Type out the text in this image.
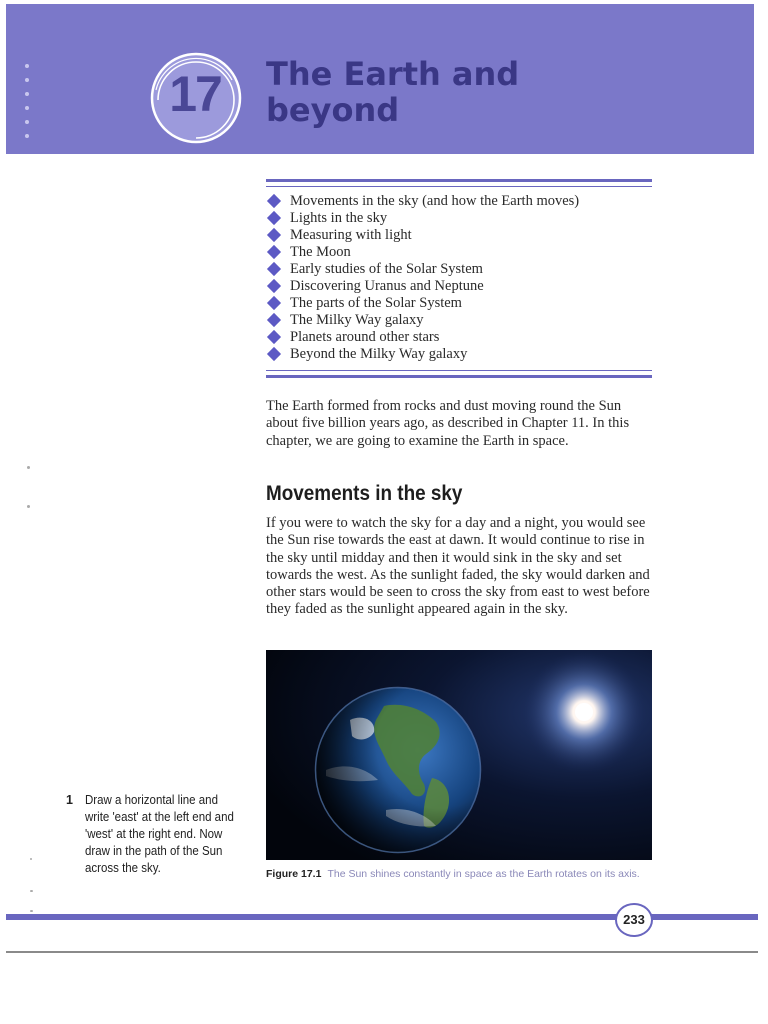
17	The Earth and
beyond
Movements in the sky (and how the Earth moves)
Lights in the sky
Measuring with light
The Moon
Early studies of the Solar System
Discovering Uranus and Neptune
The parts of the Solar System
The Milky Way galaxy
Planets around other stars
Beyond the Milky Way galaxy

The Earth formed from rocks and dust moving round the Sun about five billion years ago, as described in Chapter 11. In this chapter, we are going to examine the Earth in space.

Movements in the sky

If you were to watch the sky for a day and a night, you would see the Sun rise towards the east at dawn. It would continue to rise in the sky until midday and then it would sink in the sky and set towards the west. As the sunlight faded, the sky would darken and other stars would be seen to cross the sky from east to west before they faded as the sunlight appeared again in the sky.

Figure 17.1 The Sun shines constantly in space as the Earth rotates on its axis.
1 Draw a horizontal line and write 'east' at the left end and 'west' at the right end. Now draw in the path of the Sun across the sky.
233
